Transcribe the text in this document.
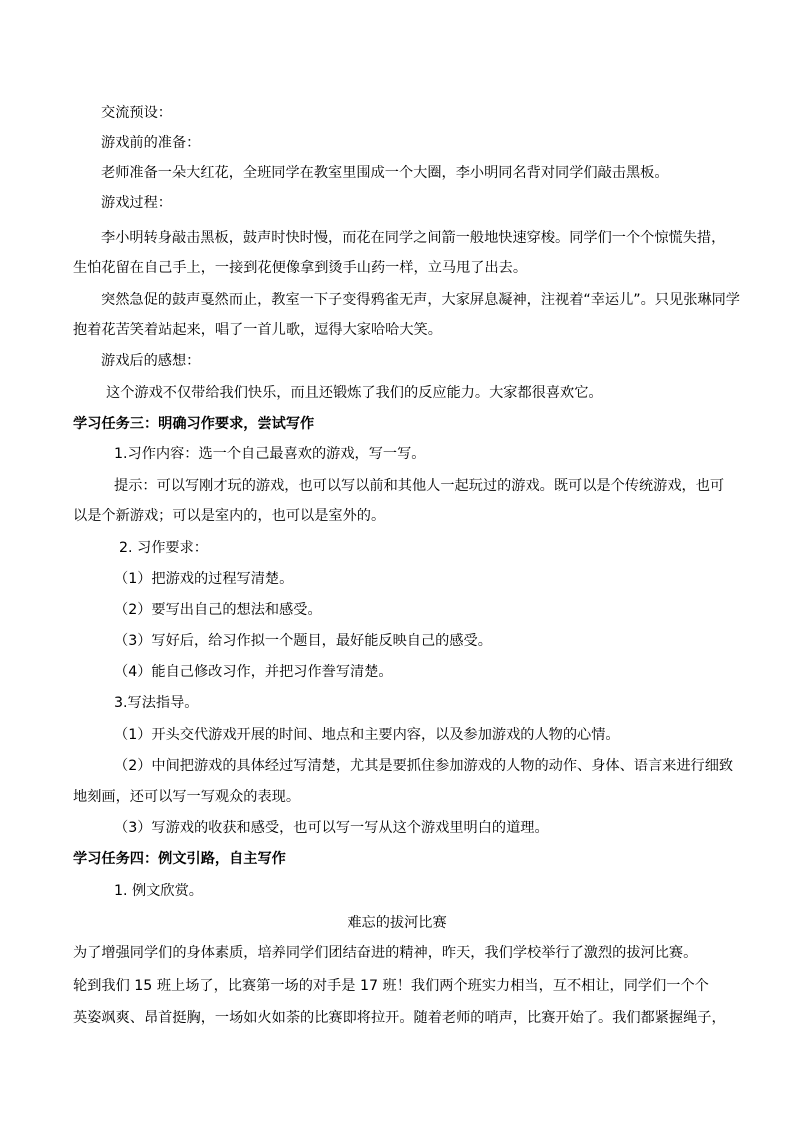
交流预设：
游戏前的准备：
老师准备一朵大红花，全班同学在教室里围成一个大圈，李小明同名背对同学们敲击黑板。
游戏过程：
李小明转身敲击黑板，鼓声时快时慢，而花在同学之间箭一般地快速穿梭。同学们一个个惊慌失措，
生怕花留在自己手上，一接到花便像拿到烫手山药一样，立马甩了出去。
突然急促的鼓声戛然而止，教室一下子变得鸦雀无声，大家屏息凝神，注视着“幸运儿”。只见张琳同学
抱着花苦笑着站起来，唱了一首儿歌，逗得大家哈哈大笑。
游戏后的感想：
这个游戏不仅带给我们快乐，而且还锻炼了我们的反应能力。大家都很喜欢它。
学习任务三：明确习作要求，尝试写作
1.习作内容：选一个自己最喜欢的游戏，写一写。
提示：可以写刚才玩的游戏，也可以写以前和其他人一起玩过的游戏。既可以是个传统游戏，也可
以是个新游戏；可以是室内的，也可以是室外的。
2. 习作要求：
（1）把游戏的过程写清楚。
（2）要写出自己的想法和感受。
（3）写好后，给习作拟一个题目，最好能反映自己的感受。
（4）能自己修改习作，并把习作誊写清楚。
3.写法指导。
（1）开头交代游戏开展的时间、地点和主要内容，以及参加游戏的人物的心情。
（2）中间把游戏的具体经过写清楚，尤其是要抓住参加游戏的人物的动作、身体、语言来进行细致
地刻画，还可以写一写观众的表现。
（3）写游戏的收获和感受，也可以写一写从这个游戏里明白的道理。
学习任务四：例文引路，自主写作
1. 例文欣赏。
难忘的拔河比赛
为了增强同学们的身体素质，培养同学们团结奋进的精神，昨天，我们学校举行了激烈的拔河比赛。
轮到我们 15 班上场了，比赛第一场的对手是 17 班！我们两个班实力相当，互不相让，同学们一个个
英姿飒爽、昂首挺胸，一场如火如荼的比赛即将拉开。随着老师的哨声，比赛开始了。我们都紧握绳子，
